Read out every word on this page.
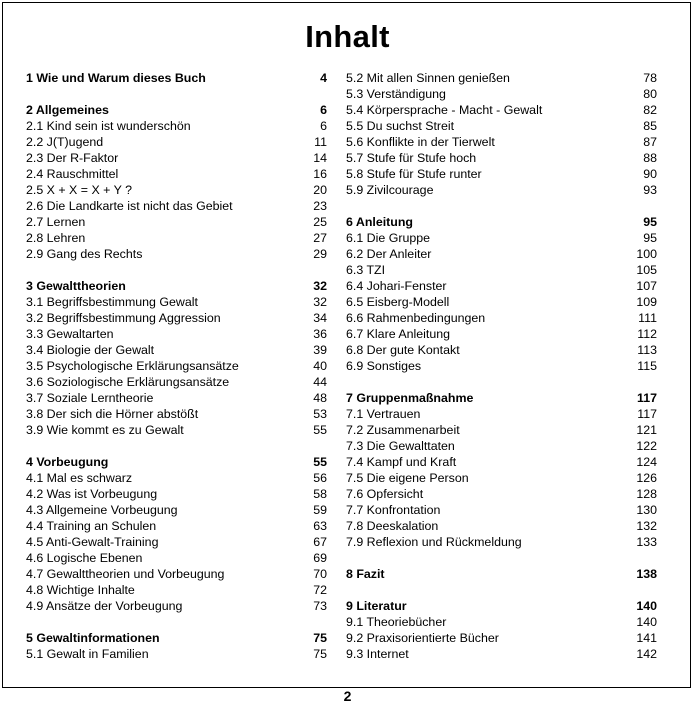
Inhalt
1 Wie und Warum dieses Buch	4
2 Allgemeines	6
2.1 Kind sein ist wunderschön	6
2.2 J(T)ugend	11
2.3 Der R-Faktor	14
2.4 Rauschmittel	16
2.5 X + X = X + Y ?	20
2.6 Die Landkarte ist nicht das Gebiet	23
2.7 Lernen	25
2.8 Lehren	27
2.9 Gang des Rechts	29
3 Gewalttheorien	32
3.1 Begriffsbestimmung Gewalt	32
3.2 Begriffsbestimmung Aggression	34
3.3 Gewaltarten	36
3.4 Biologie der Gewalt	39
3.5 Psychologische Erklärungsansätze	40
3.6 Soziologische Erklärungsansätze	44
3.7 Soziale Lerntheorie	48
3.8 Der sich die Hörner abstößt	53
3.9 Wie kommt es zu Gewalt	55
4 Vorbeugung	55
4.1 Mal es schwarz	56
4.2 Was ist Vorbeugung	58
4.3 Allgemeine Vorbeugung	59
4.4 Training an Schulen	63
4.5 Anti-Gewalt-Training	67
4.6 Logische Ebenen	69
4.7 Gewalttheorien und Vorbeugung	70
4.8 Wichtige Inhalte	72
4.9 Ansätze der Vorbeugung	73
5 Gewaltinformationen	75
5.1 Gewalt in Familien	75
5.2 Mit allen Sinnen genießen	78
5.3 Verständigung	80
5.4 Körpersprache - Macht - Gewalt	82
5.5 Du suchst Streit	85
5.6 Konflikte in der Tierwelt	87
5.7 Stufe für Stufe hoch	88
5.8 Stufe für Stufe runter	90
5.9 Zivilcourage	93
6 Anleitung	95
6.1 Die Gruppe	95
6.2 Der Anleiter	100
6.3 TZI	105
6.4 Johari-Fenster	107
6.5 Eisberg-Modell	109
6.6 Rahmenbedingungen	111
6.7 Klare Anleitung	112
6.8 Der gute Kontakt	113
6.9 Sonstiges	115
7 Gruppenmaßnahme	117
7.1 Vertrauen	117
7.2 Zusammenarbeit	121
7.3 Die Gewalttaten	122
7.4 Kampf und Kraft	124
7.5 Die eigene Person	126
7.6 Opfersicht	128
7.7 Konfrontation	130
7.8 Deeskalation	132
7.9 Reflexion und Rückmeldung	133
8 Fazit	138
9 Literatur	140
9.1 Theoriebücher	140
9.2 Praxisorientierte Bücher	141
9.3 Internet	142
2
